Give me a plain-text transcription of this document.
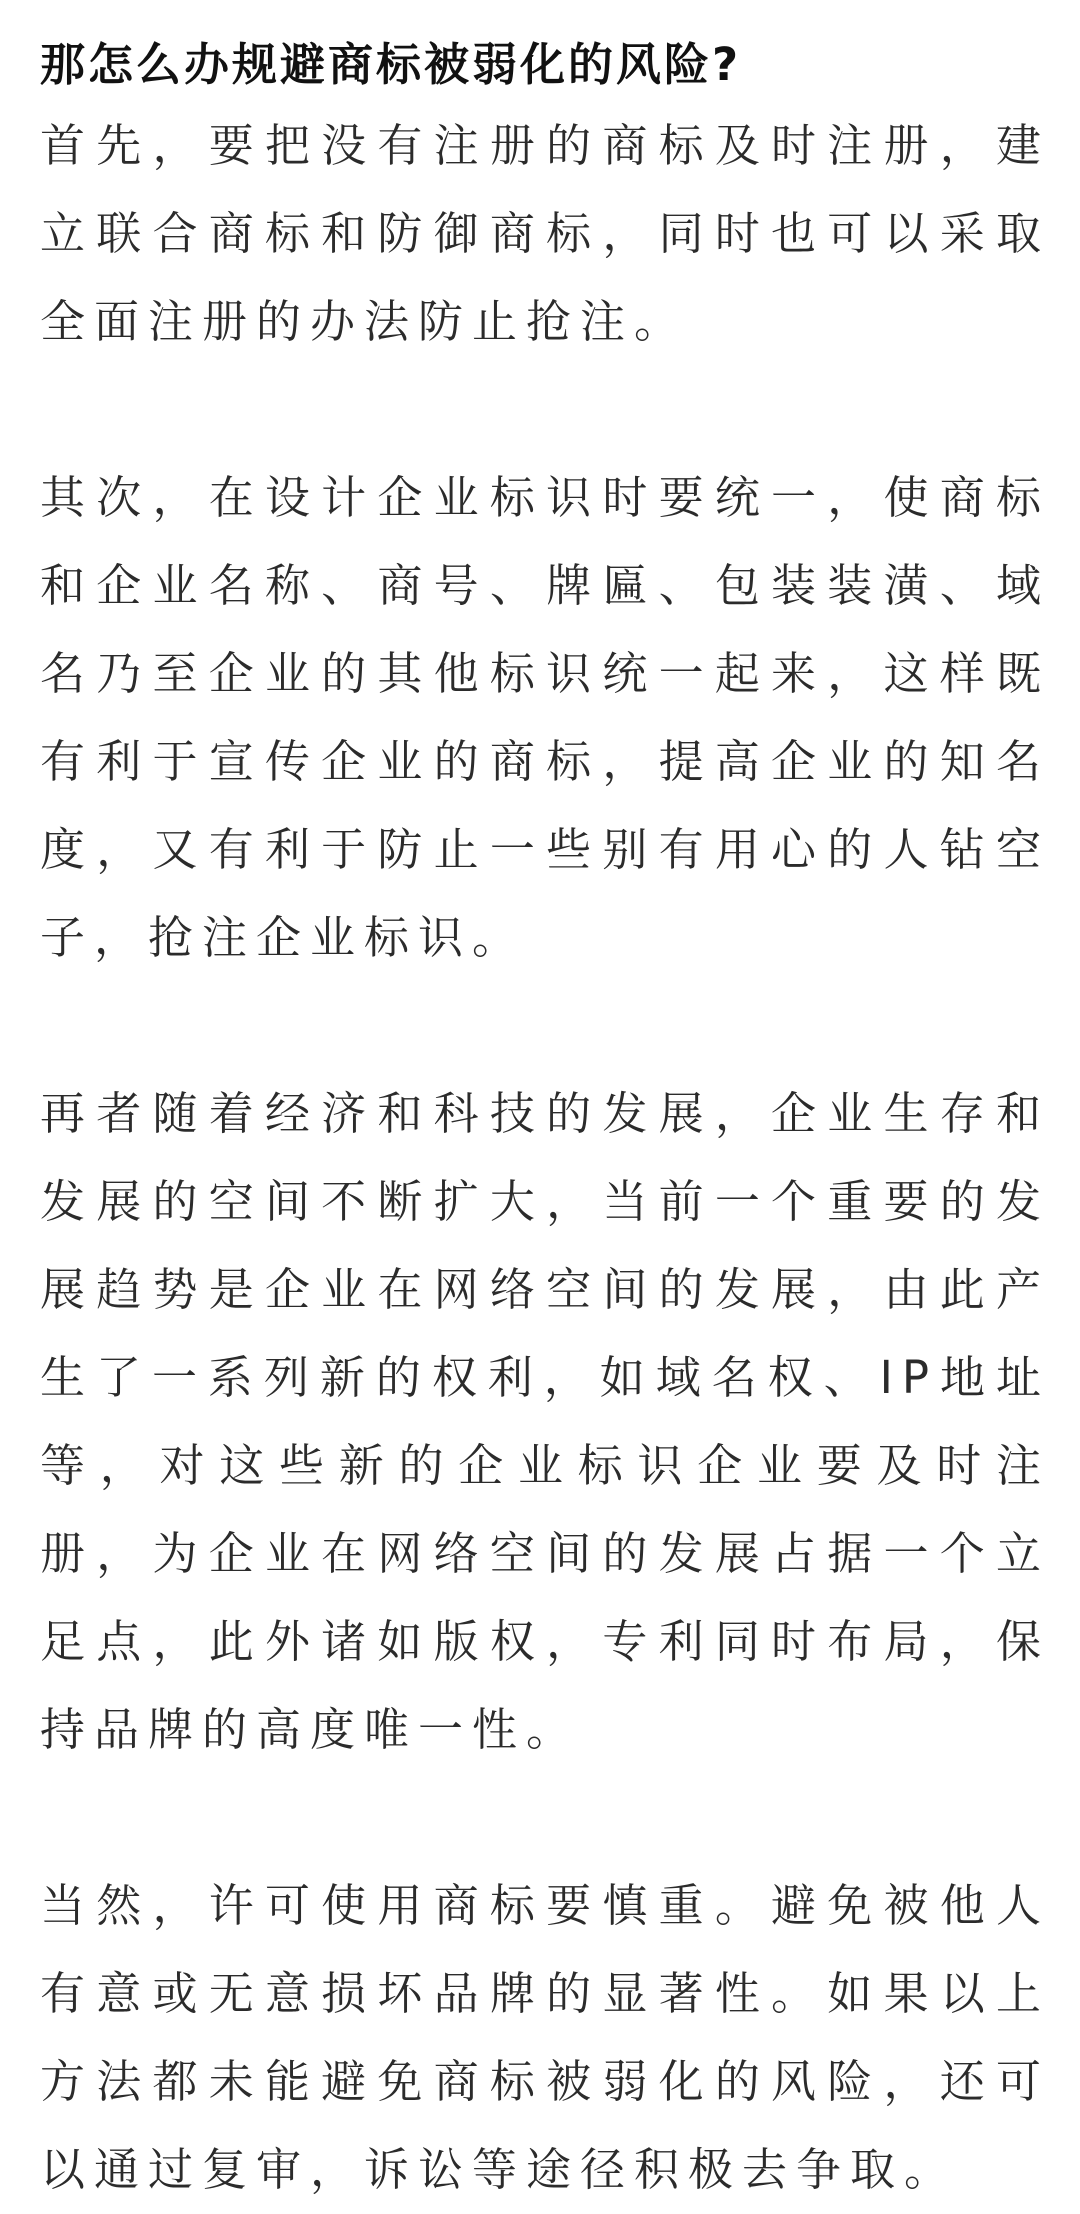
那怎么办规避商标被弱化的风险?

首先，要把没有注册的商标及时注册，建立联合商标和防御商标，同时也可以采取全面注册的办法防止抢注。

其次，在设计企业标识时要统一，使商标和企业名称、商号、牌匾、包装装潢、域名乃至企业的其他标识统一起来，这样既有利于宣传企业的商标，提高企业的知名度，又有利于防止一些别有用心的人钻空子，抢注企业标识。

再者随着经济和科技的发展，企业生存和发展的空间不断扩大，当前一个重要的发展趋势是企业在网络空间的发展，由此产生了一系列新的权利，如域名权、IP地址等，对这些新的企业标识企业要及时注册，为企业在网络空间的发展占据一个立足点，此外诸如版权，专利同时布局，保持品牌的高度唯一性。

当然，许可使用商标要慎重。避免被他人有意或无意损坏品牌的显著性。如果以上方法都未能避免商标被弱化的风险，还可以通过复审，诉讼等途径积极去争取。
